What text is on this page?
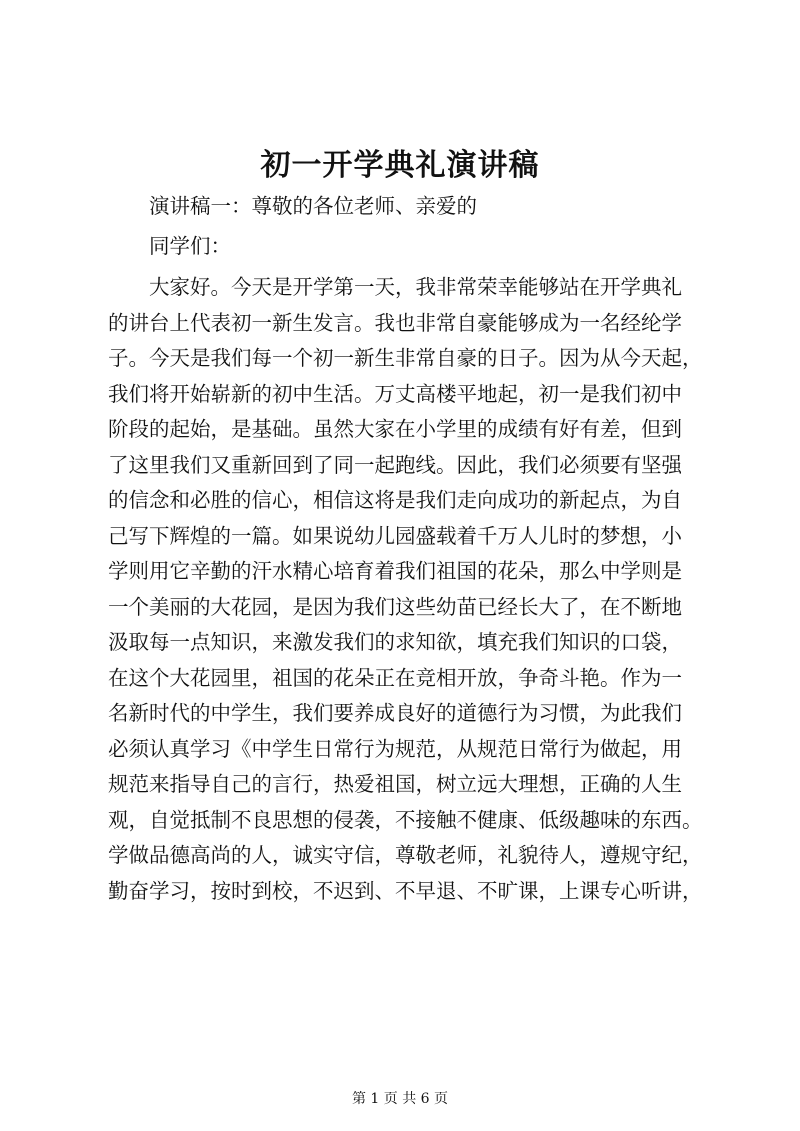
初一开学典礼演讲稿
演讲稿一：尊敬的各位老师、亲爱的
同学们：
大家好。今天是开学第一天，我非常荣幸能够站在开学典礼
的讲台上代表初一新生发言。我也非常自豪能够成为一名经纶学
子。今天是我们每一个初一新生非常自豪的日子。因为从今天起，
我们将开始崭新的初中生活。万丈高楼平地起，初一是我们初中
阶段的起始，是基础。虽然大家在小学里的成绩有好有差，但到
了这里我们又重新回到了同一起跑线。因此，我们必须要有坚强
的信念和必胜的信心，相信这将是我们走向成功的新起点，为自
己写下辉煌的一篇。如果说幼儿园盛载着千万人儿时的梦想，小
学则用它辛勤的汗水精心培育着我们祖国的花朵，那么中学则是
一个美丽的大花园，是因为我们这些幼苗已经长大了，在不断地
汲取每一点知识，来激发我们的求知欲，填充我们知识的口袋，
在这个大花园里，祖国的花朵正在竞相开放，争奇斗艳。作为一
名新时代的中学生，我们要养成良好的道德行为习惯，为此我们
必须认真学习《中学生日常行为规范，从规范日常行为做起，用
规范来指导自己的言行，热爱祖国，树立远大理想，正确的人生
观，自觉抵制不良思想的侵袭，不接触不健康、低级趣味的东西。
学做品德高尚的人，诚实守信，尊敬老师，礼貌待人，遵规守纪，
勤奋学习，按时到校，不迟到、不早退、不旷课，上课专心听讲，

第 1 页 共 6 页
